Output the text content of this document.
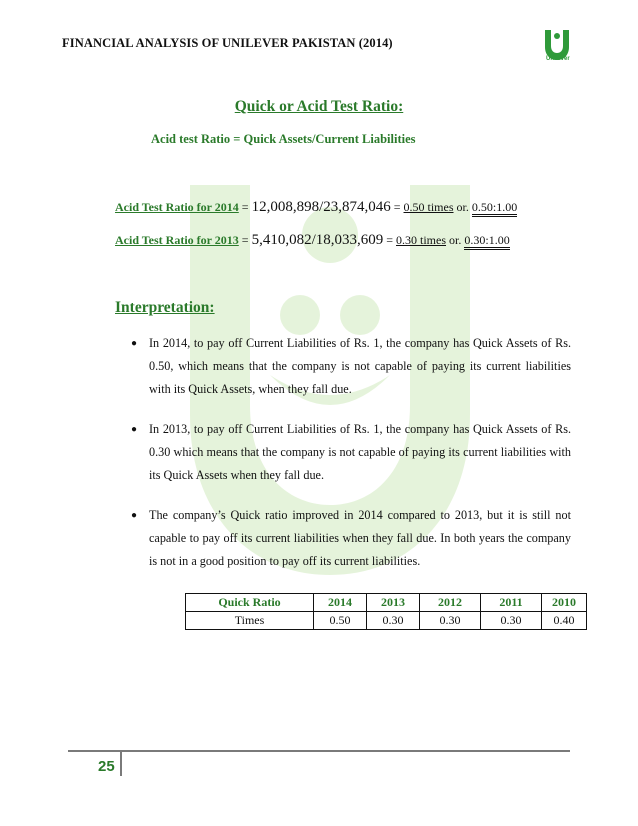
FINANCIAL ANALYSIS OF UNILEVER PAKISTAN (2014)
Unilever
Quick or Acid Test Ratio:
Acid test Ratio = Quick Assets/Current Liabilities
Acid Test Ratio for 2014 = 12,008,898/23,874,046 = 0.50 times or. 0.50:1.00
Acid Test Ratio for 2013 = 5,410,082/18,033,609 = 0.30 times or. 0.30:1.00
Interpretation:
● In 2014, to pay off Current Liabilities of Rs. 1, the company has Quick Assets of Rs. 0.50, which means that the company is not capable of paying its current liabilities with its Quick Assets, when they fall due.
● In 2013, to pay off Current Liabilities of Rs. 1, the company has Quick Assets of Rs. 0.30 which means that the company is not capable of paying its current liabilities with its Quick Assets when they fall due.
● The company’s Quick ratio improved in 2014 compared to 2013, but it is still not capable to pay off its current liabilities when they fall due. In both years the company is not in a good position to pay off its current liabilities.
Quick Ratio	2014	2013	2012	2011	2010
Times	0.50	0.30	0.30	0.30	0.40
25
